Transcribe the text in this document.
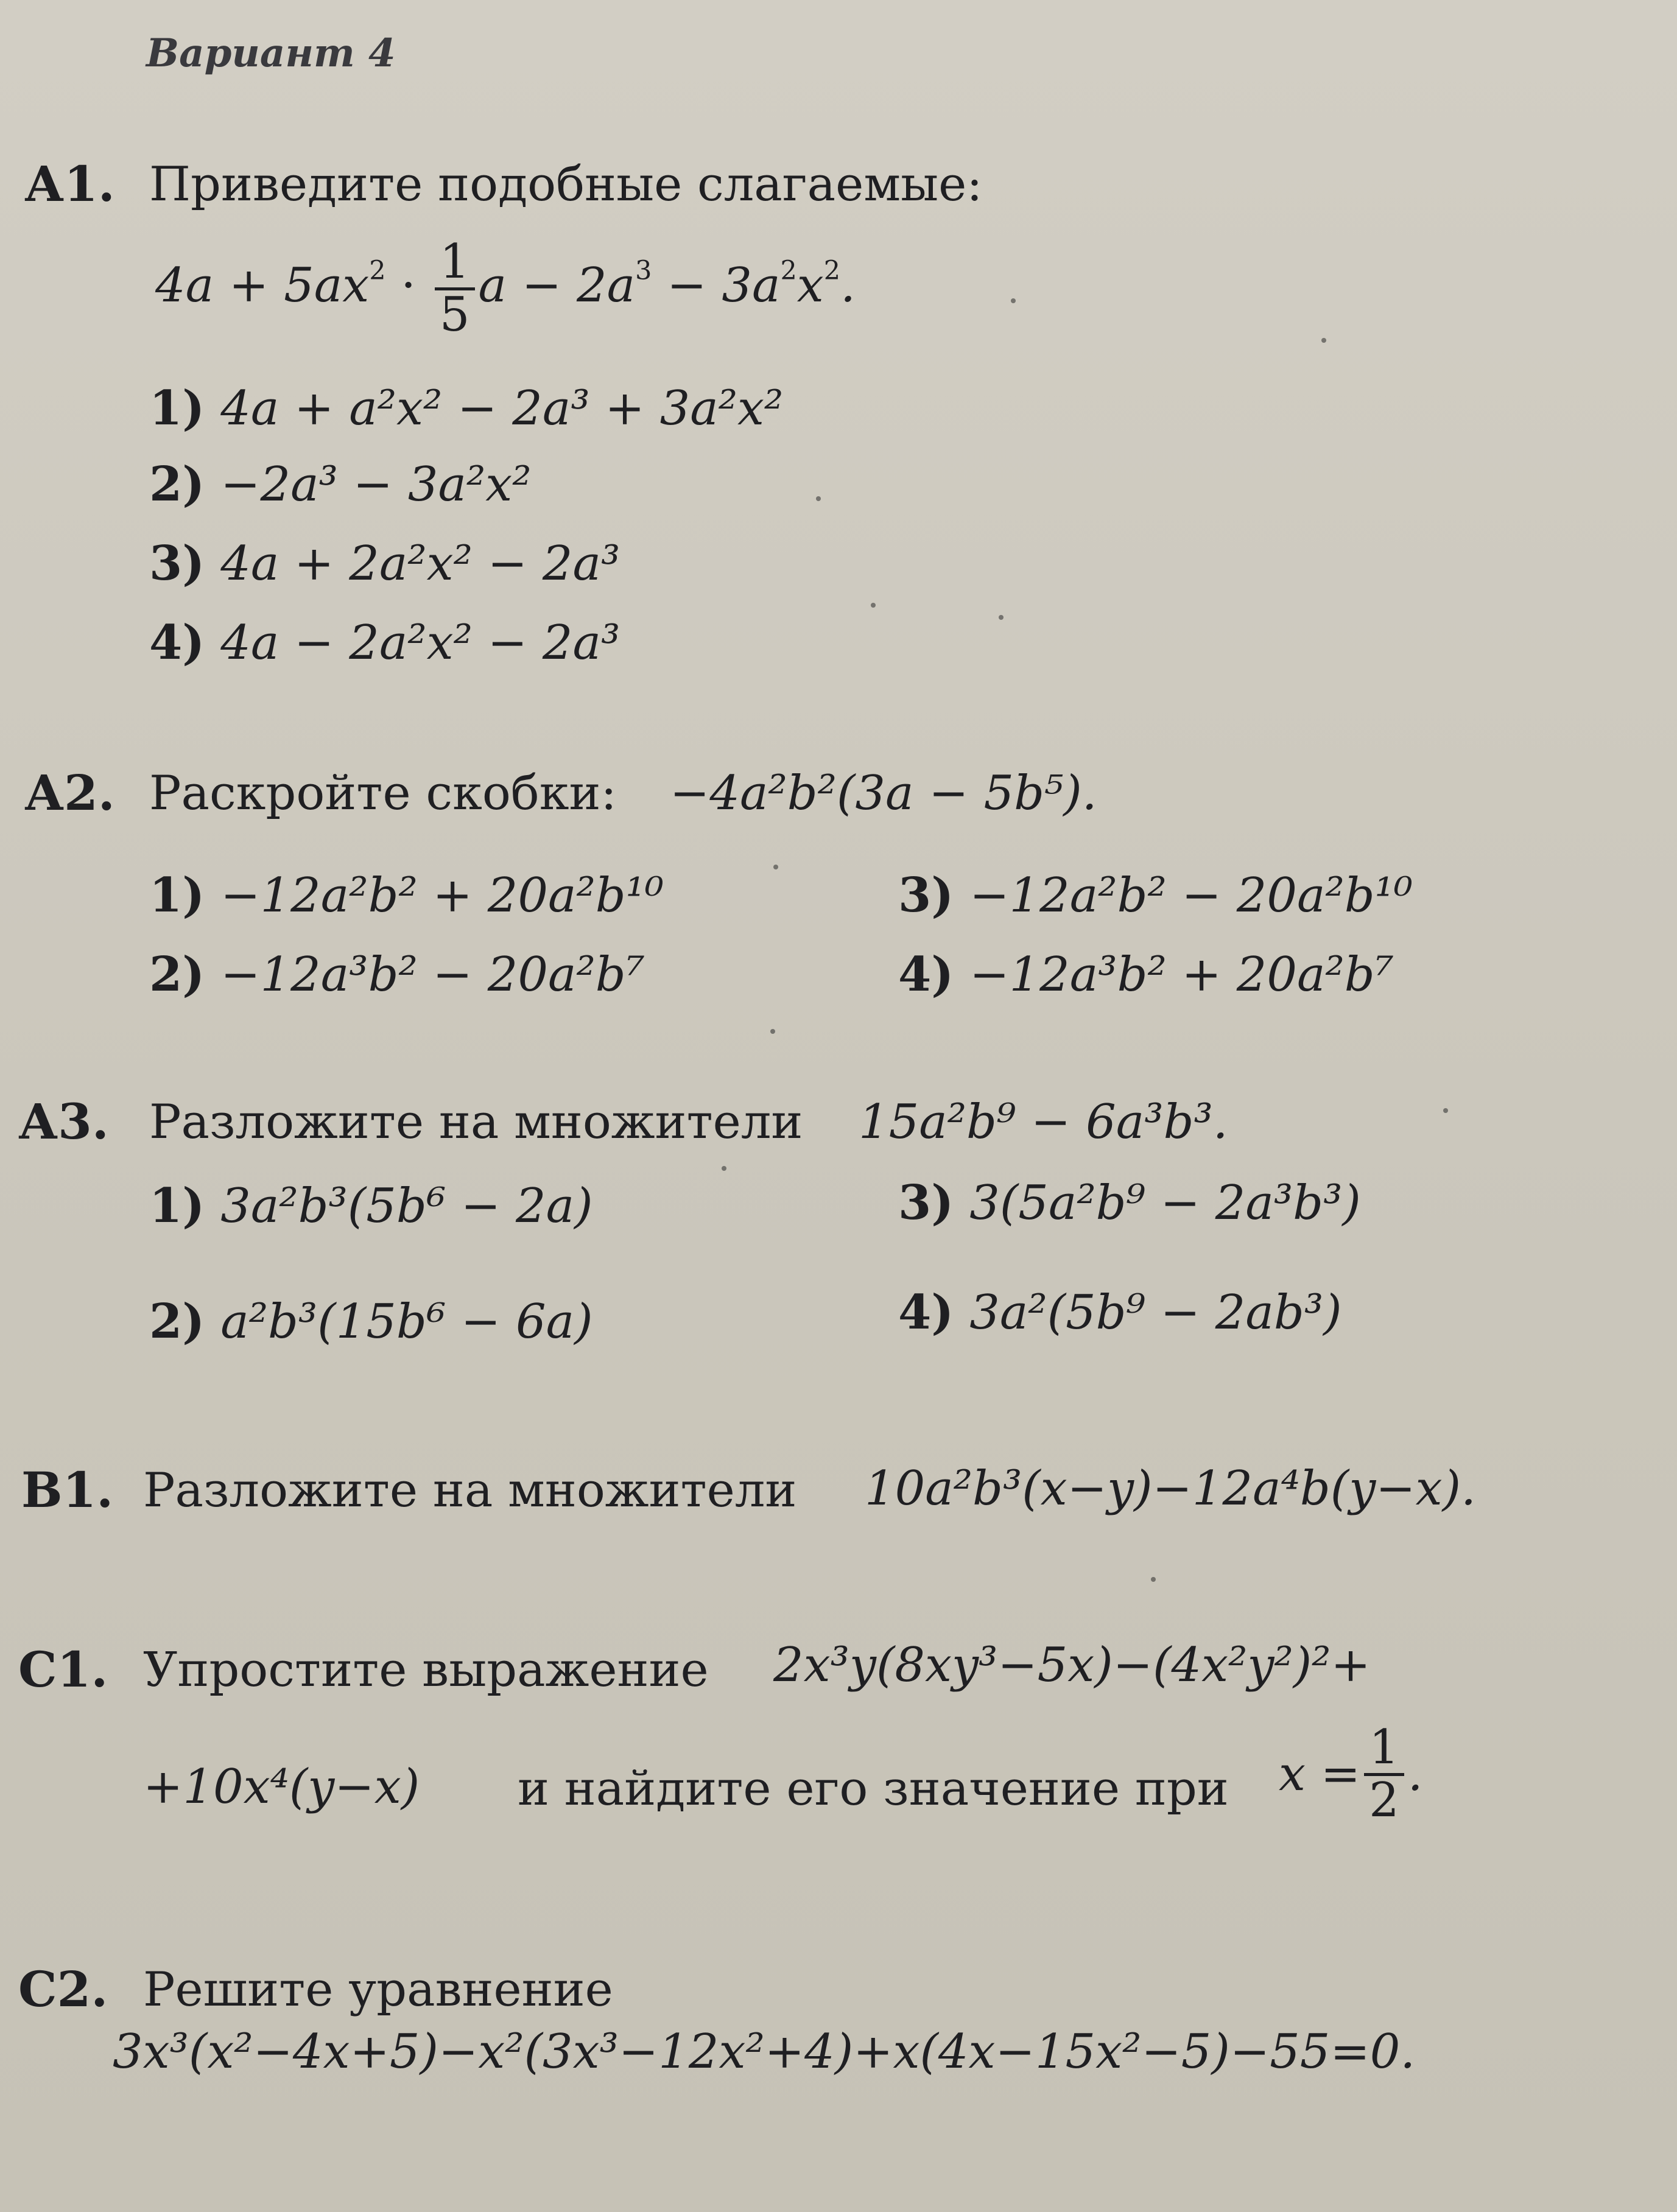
Вариант 4
А1. Приведите подобные слагаемые:
$4a + 5ax^2 \cdot \frac{1}{5}$ $a - 2a^3 - 3a^2x^2$.
1) 4a + a²x² − 2a³ + 3a²x²
2) −2a³ − 3a²x²
3) 4a + 2a²x² − 2a³
4) 4a − 2a²x² − 2a³
А2. Раскройте скобки: −4a²b²(3a − 5b⁵).
1) −12a²b² + 20a²b¹⁰
2) −12a³b² − 20a²b⁷
3) −12a²b² − 20a²b¹⁰
4) −12a³b² + 20a²b⁷
А3. Разложите на множители 15a²b⁹ − 6a³b³.
1) 3a²b³(5b⁶ − 2a)
2) a²b³(15b⁶ − 6a)
3) 3(5a²b⁹ − 2a³b³)
4) 3a²(5b⁹ − 2ab³)
В1. Разложите на множители 10a²b³(x−y)−12a⁴b(y−x).
С1. Упростите выражение 2x³y(8xy³−5x)−(4x²y²)²+
+10x⁴(y−x) и найдите его значение при $x = \frac{1}{2}$ .
С2. Решите уравнение
3x³(x²−4x+5)−x²(3x³−12x²+4)+x(4x−15x²−5)−55=0.
